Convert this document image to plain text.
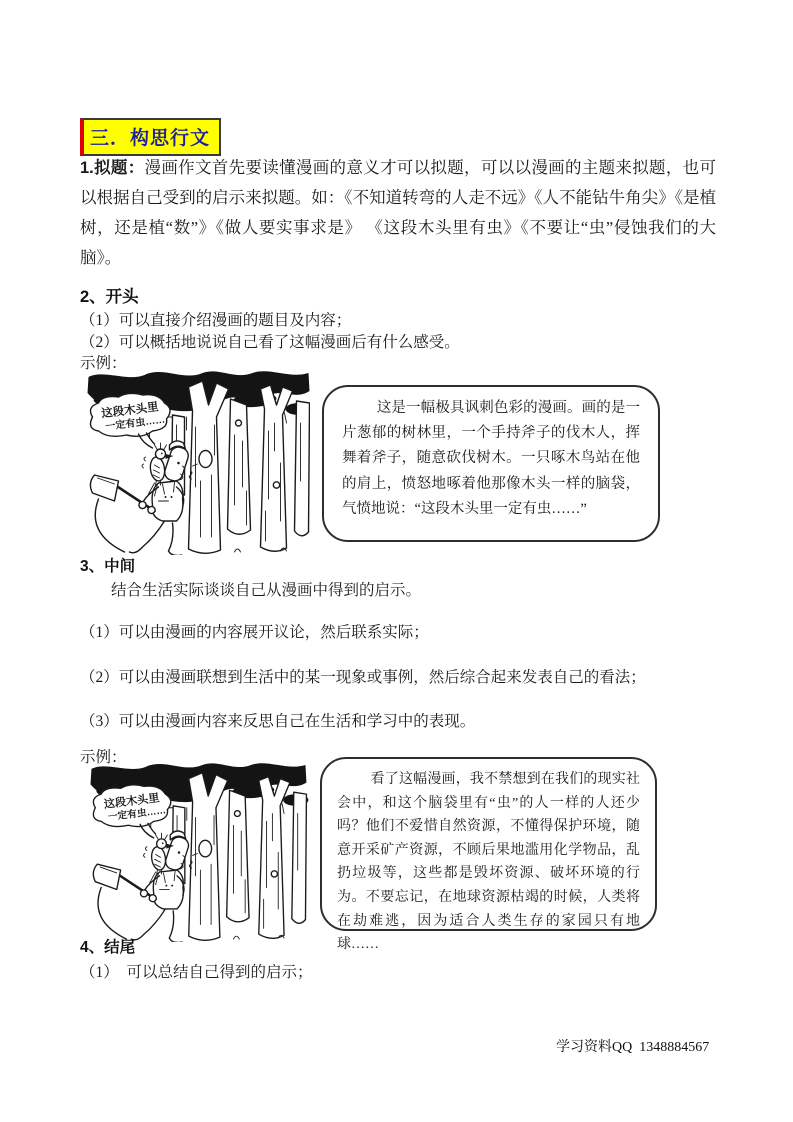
三．构思行文

1.拟题：漫画作文首先要读懂漫画的意义才可以拟题，可以以漫画的主题来拟题，也可以根据自己受到的启示来拟题。如：《不知道转弯的人走不远》《人不能钻牛角尖》《是植树，还是植“数”》《做人要实事求是》 《这段木头里有虫》《不要让“虫”侵蚀我们的大脑》。

2、开头
（1）可以直接介绍漫画的题目及内容；
（2）可以概括地说说自己看了这幅漫画后有什么感受。
示例：

这是一幅极具讽刺色彩的漫画。画的是一片葱郁的树林里，一个手持斧子的伐木人，挥舞着斧子，随意砍伐树木。一只啄木鸟站在他的肩上，愤怒地啄着他那像木头一样的脑袋，气愤地说：“这段木头里一定有虫……”

3、中间
结合生活实际谈谈自己从漫画中得到的启示。
（1）可以由漫画的内容展开议论，然后联系实际；
（2）可以由漫画联想到生活中的某一现象或事例，然后综合起来发表自己的看法；
（3）可以由漫画内容来反思自己在生活和学习中的表现。
示例：

看了这幅漫画，我不禁想到在我们的现实社会中，和这个脑袋里有“虫”的人一样的人还少吗？他们不爱惜自然资源，不懂得保护环境，随意开采矿产资源，不顾后果地滥用化学物品，乱扔垃圾等，这些都是毁坏资源、破坏环境的行为。不要忘记，在地球资源枯竭的时候，人类将在劫难逃，因为适合人类生存的家园只有地球……

4、结尾
（1）  可以总结自己得到的启示；
学习资料QQ  1348884567
